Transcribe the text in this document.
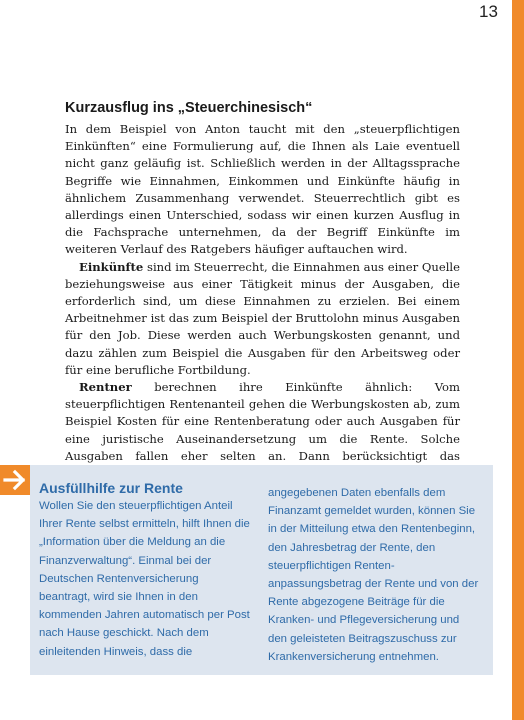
13
Kurzausflug ins „Steuerchinesisch“

In dem Beispiel von Anton taucht mit den „steuerpflichtigen Einkünften“ eine Formulierung auf, die Ihnen als Laie eventuell nicht ganz geläufig ist. Schließlich werden in der Alltagssprache Begriffe wie Einnahmen, Einkommen und Einkünfte häufig in ähnlichem Zusammenhang verwendet. Steuerrechtlich gibt es allerdings einen Unterschied, sodass wir einen kurzen Ausflug in die Fachsprache unternehmen, da der Begriff Einkünfte im weiteren Verlauf des Ratgebers häufiger auftauchen wird.

Einkünfte sind im Steuerrecht, die Einnahmen aus einer Quelle beziehungsweise aus einer Tätigkeit minus der Ausgaben, die erforderlich sind, um diese Einnahmen zu erzielen. Bei einem Arbeitnehmer ist das zum Beispiel der Bruttolohn minus Ausgaben für den Job. Diese werden auch Werbungskosten genannt, und dazu zählen zum Beispiel die Ausgaben für den Arbeitsweg oder für eine berufliche Fortbildung.

Rentner berechnen ihre Einkünfte ähnlich: Vom steuerpflichtigen Rentenanteil gehen die Werbungskosten ab, zum Beispiel Kosten für eine Rentenberatung oder auch Ausgaben für eine juristische Auseinandersetzung um die Rente. Solche Ausgaben fallen eher selten an. Dann berücksichtigt das

Ausfüllhilfe zur Rente

Wollen Sie den steuerpflichtigen Anteil Ihrer Rente selbst ermitteln, hilft Ihnen die „Information über die Meldung an die Finanzverwaltung“. Einmal bei der Deutschen Rentenversicherung beantragt, wird sie Ihnen in den kommenden Jahren automatisch per Post nach Hause geschickt. Nach dem einleitenden Hinweis, dass die

angegebenen Daten ebenfalls dem Finanzamt gemeldet wurden, können Sie in der Mitteilung etwa den Rentenbeginn, den Jahresbetrag der Rente, den steuerpflichtigen Rentenanpassungsbetrag der Rente und von der Rente abgezogene Beiträge für die Kranken- und Pflegeversicherung und den geleisteten Beitragszuschuss zur Krankenversicherung entnehmen.
